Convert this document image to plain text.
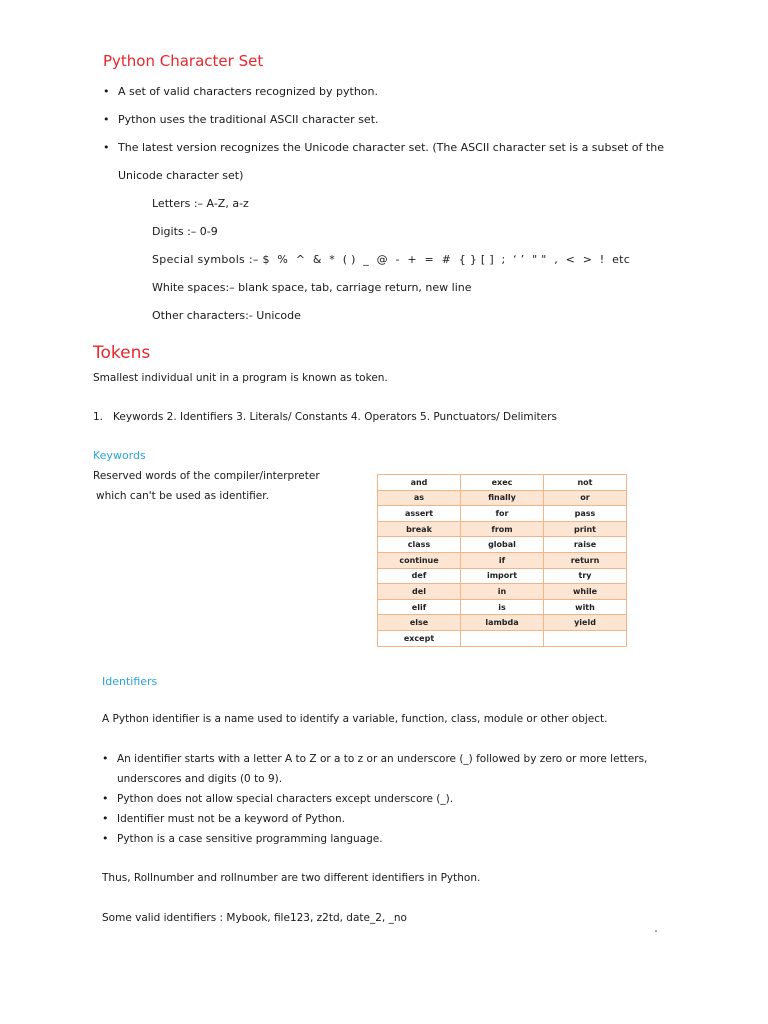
Python Character Set
• A set of valid characters recognized by python.
• Python uses the traditional ASCII character set.
• The latest version recognizes the Unicode character set. (The ASCII character set is a subset of the
Unicode character set)
Letters :– A-Z, a-z
Digits :– 0-9
Special symbols :– $  %  ^  &  *  ( )  _  @  -  +  =  #  { } [ ]  ;  ‘ ’  " "  ,  <  >  !  etc
White spaces:– blank space, tab, carriage return, new line
Other characters:- Unicode
Tokens
Smallest individual unit in a program is known as token.
1.   Keywords 2. Identifiers 3. Literals/ Constants 4. Operators 5. Punctuators/ Delimiters
Keywords
Reserved words of the compiler/interpreter
which can't be used as identifier.
and	exec	not
as	finally	or
assert	for	pass
break	from	print
class	global	raise
continue	if	return
def	import	try
del	in	while
elif	is	with
else	lambda	yield
except		
Identifiers
A Python identifier is a name used to identify a variable, function, class, module or other object.
• An identifier starts with a letter A to Z or a to z or an underscore (_) followed by zero or more letters,
underscores and digits (0 to 9).
• Python does not allow special characters except underscore (_).
• Identifier must not be a keyword of Python.
• Python is a case sensitive programming language.
Thus, Rollnumber and rollnumber are two different identifiers in Python.
Some valid identifiers : Mybook, file123, z2td, date_2, _no
